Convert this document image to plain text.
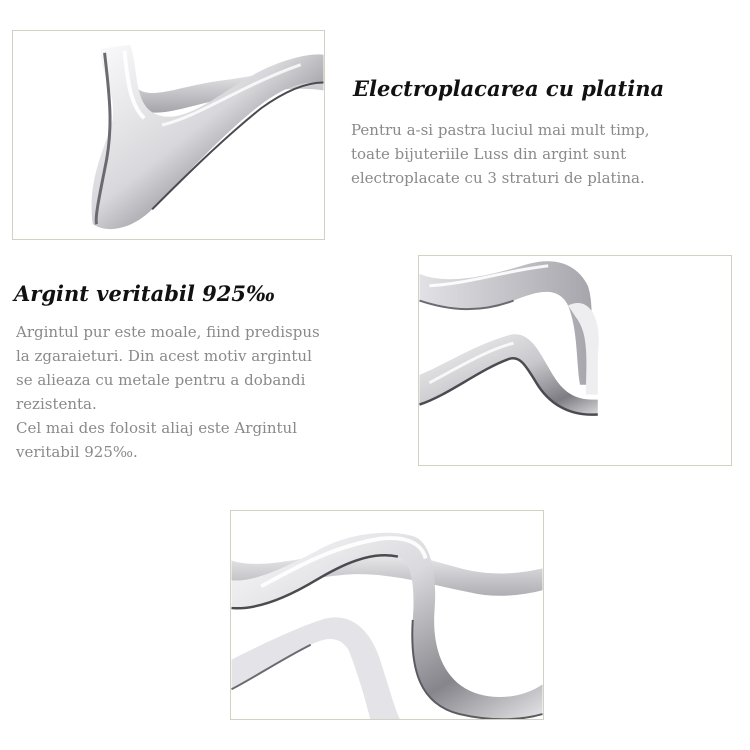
Electroplacarea cu platina

Pentru a-si pastra luciul mai mult timp,
toate bijuteriile Luss din argint sunt
electroplacate cu 3 straturi de platina.

Argint veritabil 925‰

Argintul pur este moale, fiind predispus
la zgaraieturi. Din acest motiv argintul
se alieaza cu metale pentru a dobandi
rezistenta.
Cel mai des folosit aliaj este Argintul
veritabil 925‰.
